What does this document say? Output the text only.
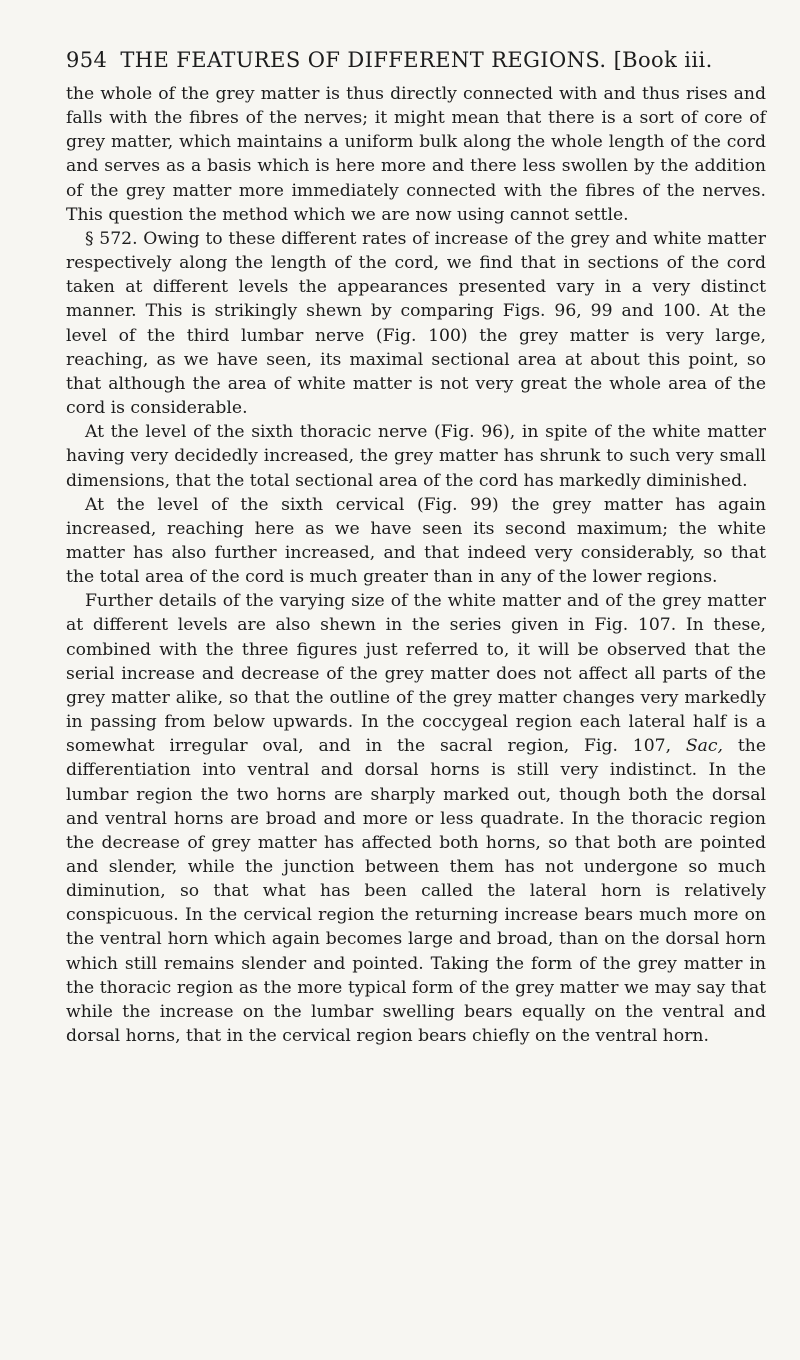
954 THE FEATURES OF DIFFERENT REGIONS. [Book iii.

the whole of the grey matter is thus directly connected with and thus rises and falls with the fibres of the nerves; it might mean that there is a sort of core of grey matter, which maintains a uniform bulk along the whole length of the cord and serves as a basis which is here more and there less swollen by the addition of the grey matter more immediately connected with the fibres of the nerves. This question the method which we are now using cannot settle.

§ 572. Owing to these different rates of increase of the grey and white matter respectively along the length of the cord, we find that in sections of the cord taken at different levels the appearances presented vary in a very distinct manner. This is strikingly shewn by comparing Figs. 96, 99 and 100. At the level of the third lumbar nerve (Fig. 100) the grey matter is very large, reaching, as we have seen, its maximal sectional area at about this point, so that although the area of white matter is not very great the whole area of the cord is considerable.

At the level of the sixth thoracic nerve (Fig. 96), in spite of the white matter having very decidedly increased, the grey matter has shrunk to such very small dimensions, that the total sectional area of the cord has markedly diminished.

At the level of the sixth cervical (Fig. 99) the grey matter has again increased, reaching here as we have seen its second maximum; the white matter has also further increased, and that indeed very considerably, so that the total area of the cord is much greater than in any of the lower regions.

Further details of the varying size of the white matter and of the grey matter at different levels are also shewn in the series given in Fig. 107. In these, combined with the three figures just referred to, it will be observed that the serial increase and decrease of the grey matter does not affect all parts of the grey matter alike, so that the outline of the grey matter changes very markedly in passing from below upwards. In the coccygeal region each lateral half is a somewhat irregular oval, and in the sacral region, Fig. 107, Sac, the differentiation into ventral and dorsal horns is still very indistinct. In the lumbar region the two horns are sharply marked out, though both the dorsal and ventral horns are broad and more or less quadrate. In the thoracic region the decrease of grey matter has affected both horns, so that both are pointed and slender, while the junction between them has not undergone so much diminution, so that what has been called the lateral horn is relatively conspicuous. In the cervical region the returning increase bears much more on the ventral horn which again becomes large and broad, than on the dorsal horn which still remains slender and pointed. Taking the form of the grey matter in the thoracic region as the more typical form of the grey matter we may say that while the increase on the lumbar swelling bears equally on the ventral and dorsal horns, that in the cervical region bears chiefly on the ventral horn.
